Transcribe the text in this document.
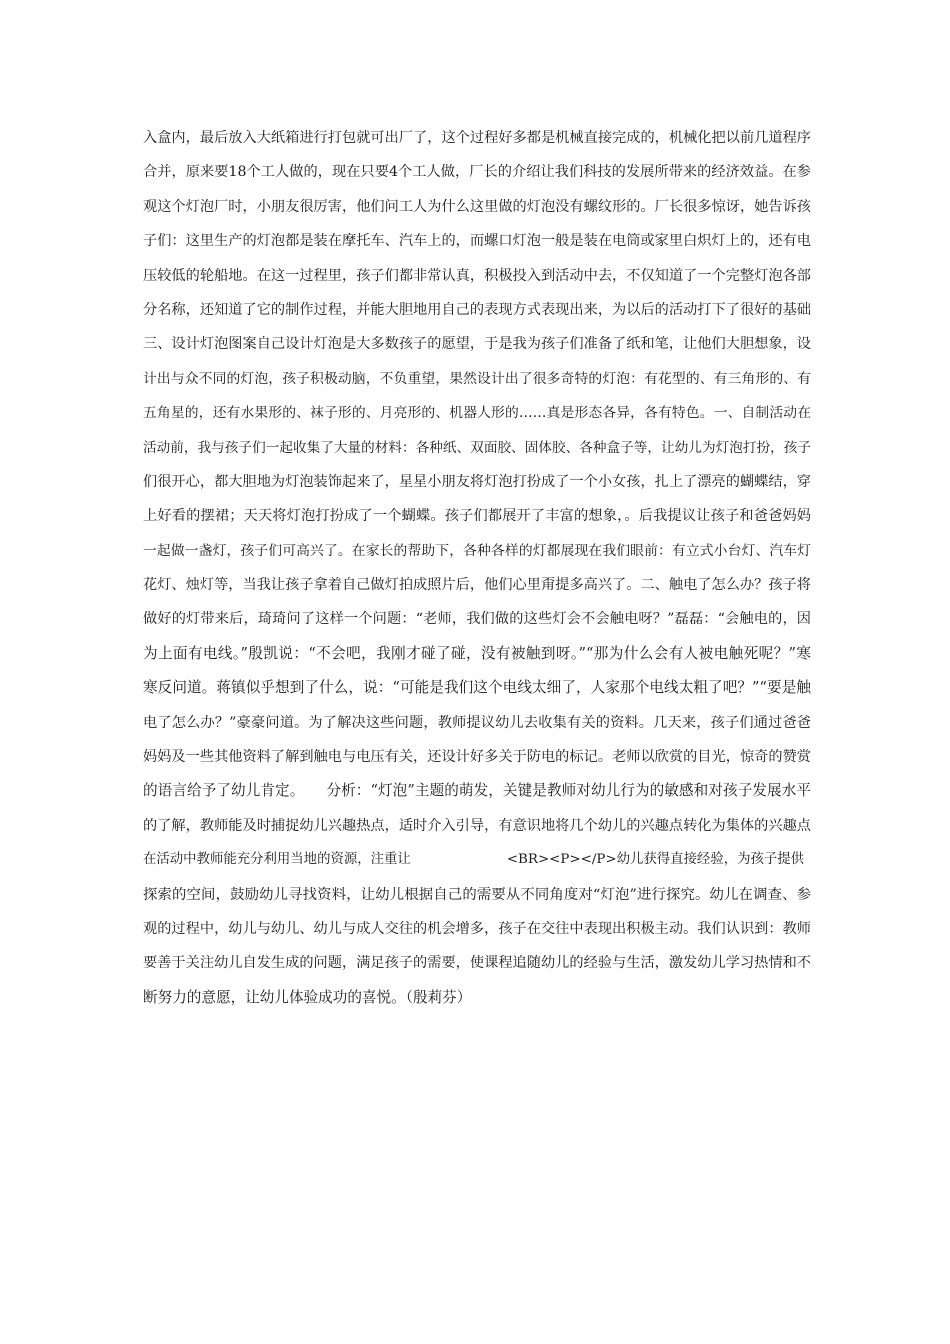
入盒内，最后放入大纸箱进行打包就可出厂了，这个过程好多都是机械直接完成的，机械化把以前几道程序
合并，原来要18个工人做的，现在只要4个工人做，厂长的介绍让我们科技的发展所带来的经济效益。在参
观这个灯泡厂时，小朋友很厉害，他们问工人为什么这里做的灯泡没有螺纹形的。厂长很多惊讶，她告诉孩
子们：这里生产的灯泡都是装在摩托车、汽车上的，而螺口灯泡一般是装在电筒或家里白炽灯上的，还有电
压较低的轮船地。在这一过程里，孩子们都非常认真，积极投入到活动中去，不仅知道了一个完整灯泡各部
分名称，还知道了它的制作过程，并能大胆地用自己的表现方式表现出来，为以后的活动打下了很好的基础
三、设计灯泡图案自己设计灯泡是大多数孩子的愿望，于是我为孩子们准备了纸和笔，让他们大胆想象，设
计出与众不同的灯泡，孩子积极动脑，不负重望，果然设计出了很多奇特的灯泡：有花型的、有三角形的、有
五角星的，还有水果形的、袜子形的、月亮形的、机器人形的……真是形态各异，各有特色。一、自制活动在
活动前，我与孩子们一起收集了大量的材料：各种纸、双面胶、固体胶、各种盒子等，让幼儿为灯泡打扮，孩子
们很开心，都大胆地为灯泡装饰起来了，星星小朋友将灯泡打扮成了一个小女孩，扎上了漂亮的蝴蝶结，穿
上好看的摆裙；天天将灯泡打扮成了一个蝴蝶。孩子们都展开了丰富的想象，。后我提议让孩子和爸爸妈妈
一起做一盏灯，孩子们可高兴了。在家长的帮助下，各种各样的灯都展现在我们眼前：有立式小台灯、汽车灯
花灯、烛灯等，当我让孩子拿着自己做灯拍成照片后，他们心里甭提多高兴了。二、触电了怎么办？孩子将
做好的灯带来后，琦琦问了这样一个问题：“老师，我们做的这些灯会不会触电呀？”磊磊：“会触电的，因
为上面有电线。”殷凯说：“不会吧，我刚才碰了碰，没有被触到呀。”“那为什么会有人被电触死呢？”寒
寒反问道。蒋镇似乎想到了什么，说：“可能是我们这个电线太细了，人家那个电线太粗了吧？”“要是触
电了怎么办？”豪豪问道。为了解决这些问题，教师提议幼儿去收集有关的资料。几天来，孩子们通过爸爸
妈妈及一些其他资料了解到触电与电压有关，还设计好多关于防电的标记。老师以欣赏的目光，惊奇的赞赏
的语言给予了幼儿肯定。　　分析：“灯泡”主题的萌发，关键是教师对幼儿行为的敏感和对孩子发展水平
的了解，教师能及时捕捉幼儿兴趣热点，适时介入引导，有意识地将几个幼儿的兴趣点转化为集体的兴趣点
在活动中教师能充分利用当地的资源，注重让	<BR><P></P>幼儿获得直接经验，为孩子提供
探索的空间，鼓励幼儿寻找资料，让幼儿根据自己的需要从不同角度对“灯泡”进行探究。幼儿在调查、参
观的过程中，幼儿与幼儿、幼儿与成人交往的机会增多，孩子在交往中表现出积极主动。我们认识到：教师
要善于关注幼儿自发生成的问题，满足孩子的需要，使课程追随幼儿的经验与生活，激发幼儿学习热情和不
断努力的意愿，让幼儿体验成功的喜悦。（殷莉芬）
